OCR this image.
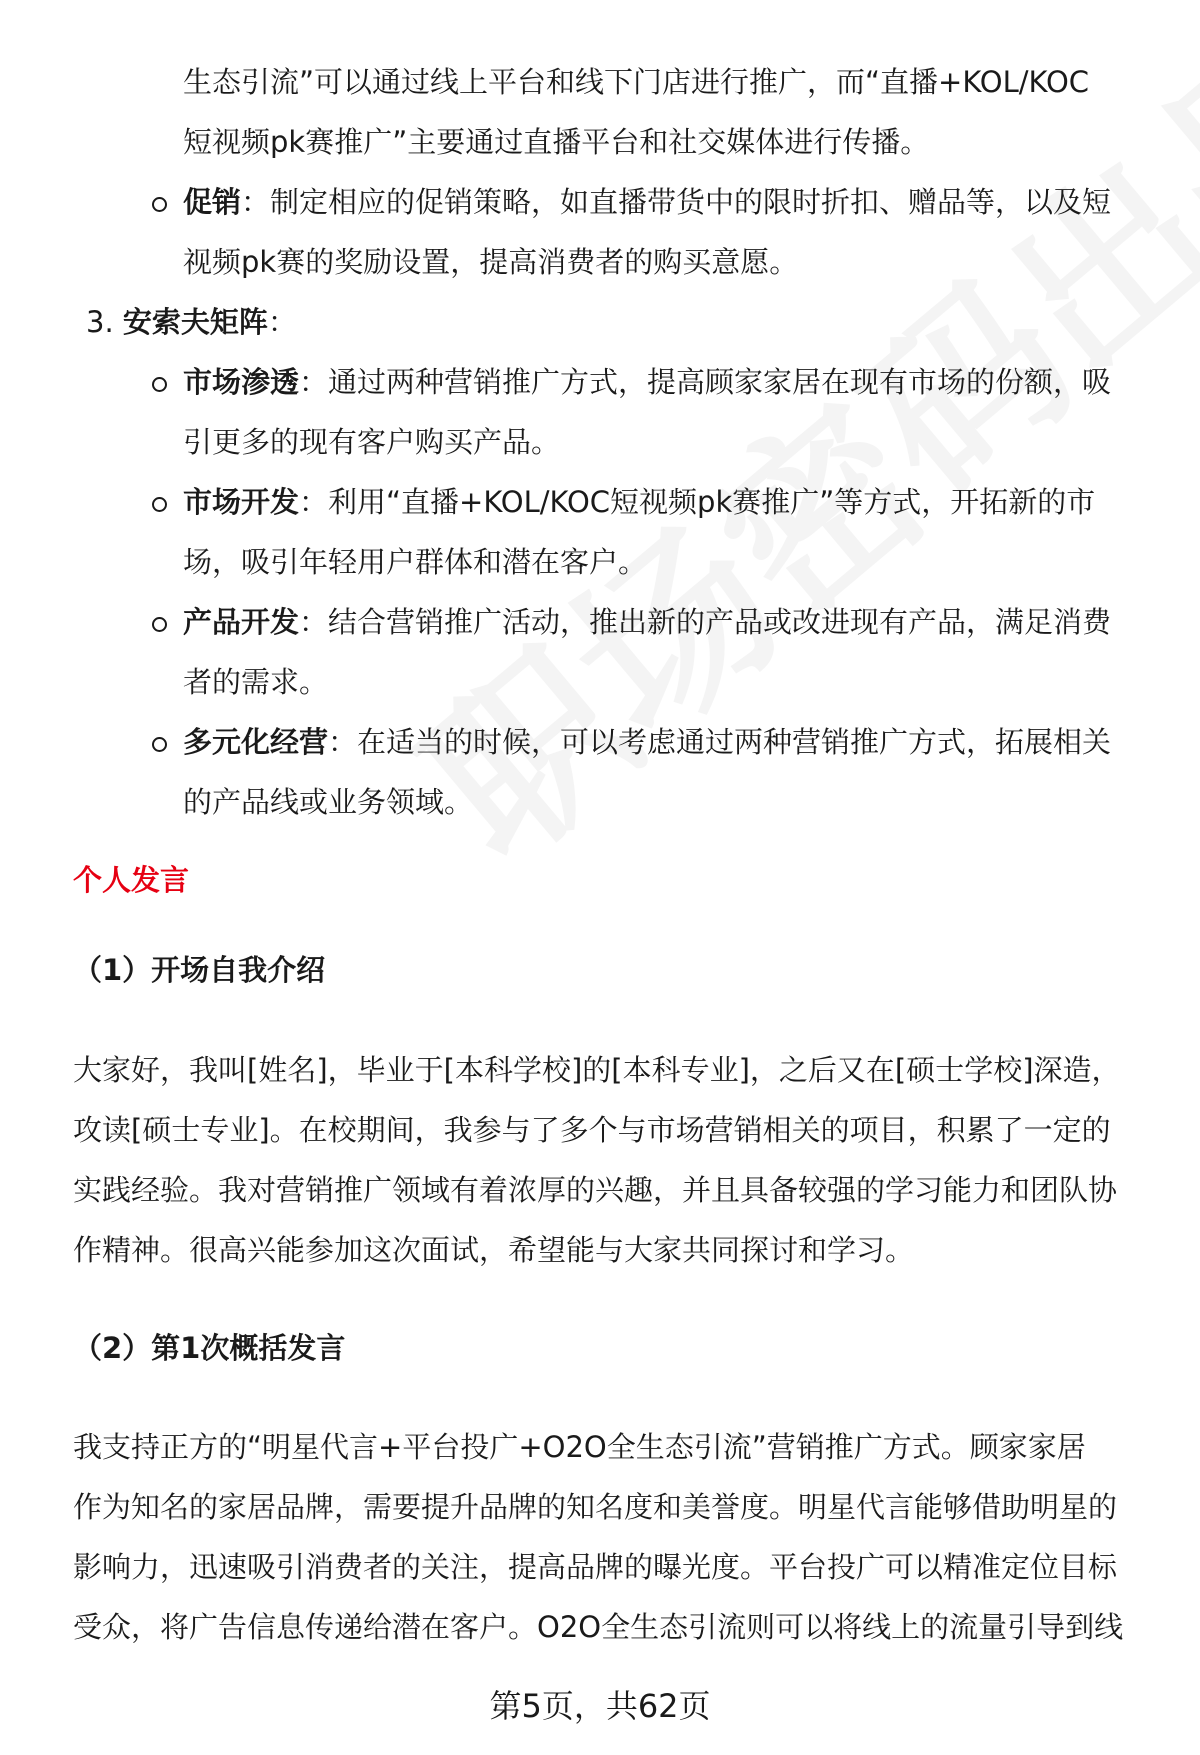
生态引流”可以通过线上平台和线下门店进行推广，而“直播+KOL/KOC
短视频pk赛推广”主要通过直播平台和社交媒体进行传播。
促销：制定相应的促销策略，如直播带货中的限时折扣、赠品等，以及短
视频pk赛的奖励设置，提高消费者的购买意愿。
3. 安索夫矩阵：
市场渗透：通过两种营销推广方式，提高顾家家居在现有市场的份额，吸
引更多的现有客户购买产品。
市场开发：利用“直播+KOL/KOC短视频pk赛推广”等方式，开拓新的市
场，吸引年轻用户群体和潜在客户。
产品开发：结合营销推广活动，推出新的产品或改进现有产品，满足消费
者的需求。
多元化经营：在适当的时候，可以考虑通过两种营销推广方式，拓展相关
的产品线或业务领域。
个人发言
（1）开场自我介绍
大家好，我叫[姓名]，毕业于[本科学校]的[本科专业]，之后又在[硕士学校]深造，
攻读[硕士专业]。在校期间，我参与了多个与市场营销相关的项目，积累了一定的
实践经验。我对营销推广领域有着浓厚的兴趣，并且具备较强的学习能力和团队协
作精神。很高兴能参加这次面试，希望能与大家共同探讨和学习。
（2）第1次概括发言
我支持正方的“明星代言+平台投广+O2O全生态引流”营销推广方式。顾家家居
作为知名的家居品牌，需要提升品牌的知名度和美誉度。明星代言能够借助明星的
影响力，迅速吸引消费者的关注，提高品牌的曝光度。平台投广可以精准定位目标
受众，将广告信息传递给潜在客户。O2O全生态引流则可以将线上的流量引导到线
第5页，共62页
